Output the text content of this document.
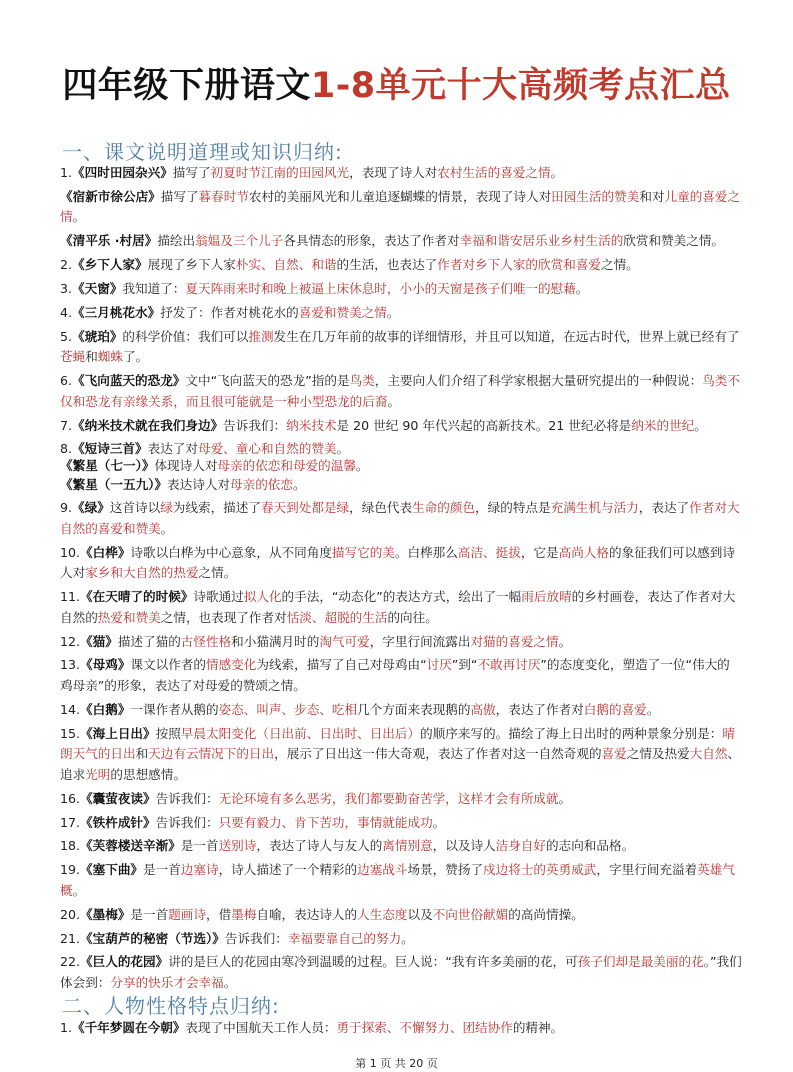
四年级下册语文1-8单元十大高频考点汇总
一、课文说明道理或知识归纳:
1.《四时田园杂兴》描写了初夏时节江南的田园风光，表现了诗人对农村生活的喜爱之情。
《宿新市徐公店》描写了暮春时节农村的美丽风光和儿童追逐蝴蝶的情景，表现了诗人对田园生活的赞美和对儿童的喜爱之情。
《清平乐 ·村居》描绘出翁媪及三个儿子各具情态的形象，表达了作者对幸福和谐安居乐业乡村生活的欣赏和赞美之情。
2.《乡下人家》展现了乡下人家朴实、自然、和谐的生活，也表达了作者对乡下人家的欣赏和喜爱之情。
3.《天窗》我知道了：夏天阵雨来时和晚上被逼上床休息时，小小的天窗是孩子们唯一的慰藉。
4.《三月桃花水》抒发了：作者对桃花水的喜爱和赞美之情。
5.《琥珀》的科学价值：我们可以推测发生在几万年前的故事的详细情形，并且可以知道，在远古时代，世界上就已经有了苍蝇和蜘蛛了。
6.《飞向蓝天的恐龙》文中“飞向蓝天的恐龙”指的是鸟类，主要向人们介绍了科学家根据大量研究提出的一种假说：鸟类不仅和恐龙有亲缘关系，而且很可能就是一种小型恐龙的后裔。
7.《纳米技术就在我们身边》告诉我们：纳米技术是 20 世纪 90 年代兴起的高新技术。21 世纪必将是纳米的世纪。
8.《短诗三首》表达了对母爱、童心和自然的赞美。
《繁星（七一）》体现诗人对母亲的依恋和母爱的温馨。
《繁星（一五九）》表达诗人对母亲的依恋。
9.《绿》这首诗以绿为线索，描述了春天到处都是绿，绿色代表生命的颜色，绿的特点是充满生机与活力，表达了作者对大自然的喜爱和赞美。
10.《白桦》诗歌以白桦为中心意象，从不同角度描写它的美。白桦那么高洁、挺拔，它是高尚人格的象征我们可以感到诗人对家乡和大自然的热爱之情。
11.《在天晴了的时候》诗歌通过拟人化的手法，“动态化”的表达方式，绘出了一幅雨后放晴的乡村画卷，表达了作者对大自然的热爱和赞美之情，也表现了作者对恬淡、超脱的生活的向往。
12.《猫》描述了猫的古怪性格和小猫满月时的淘气可爱，字里行间流露出对猫的喜爱之情。
13.《母鸡》课文以作者的情感变化为线索，描写了自己对母鸡由“讨厌”到“不敢再讨厌”的态度变化，塑造了一位“伟大的鸡母亲”的形象，表达了对母爱的赞颂之情。
14.《白鹅》一课作者从鹅的姿态、叫声、步态、吃相几个方面来表现鹅的高傲，表达了作者对白鹅的喜爱。
15.《海上日出》按照早晨太阳变化（日出前、日出时、日出后）的顺序来写的。描绘了海上日出时的两种景象分别是：晴朗天气的日出和天边有云情况下的日出，展示了日出这一伟大奇观，表达了作者对这一自然奇观的喜爱之情及热爱大自然、追求光明的思想感情。
16.《囊萤夜读》告诉我们：无论环境有多么恶劣，我们都要勤奋苦学，这样才会有所成就。
17.《铁杵成针》告诉我们：只要有毅力、肯下苦功，事情就能成功。
18.《芙蓉楼送辛渐》是一首送别诗，表达了诗人与友人的离情别意，以及诗人洁身自好的志向和品格。
19.《塞下曲》是一首边塞诗，诗人描述了一个精彩的边塞战斗场景，赞扬了戍边将士的英勇威武，字里行间充溢着英雄气概。
20.《墨梅》是一首题画诗，借墨梅自喻，表达诗人的人生态度以及不向世俗献媚的高尚情操。
21.《宝葫芦的秘密（节选）》告诉我们：幸福要靠自己的努力。
22.《巨人的花园》讲的是巨人的花园由寒冷到温暖的过程。巨人说：“我有许多美丽的花，可孩子们却是最美丽的花。”我们体会到：分享的快乐才会幸福。
二、人物性格特点归纳:
1.《千年梦圆在今朝》表现了中国航天工作人员：勇于探索、不懈努力、团结协作的精神。
第 1 页 共 20 页
